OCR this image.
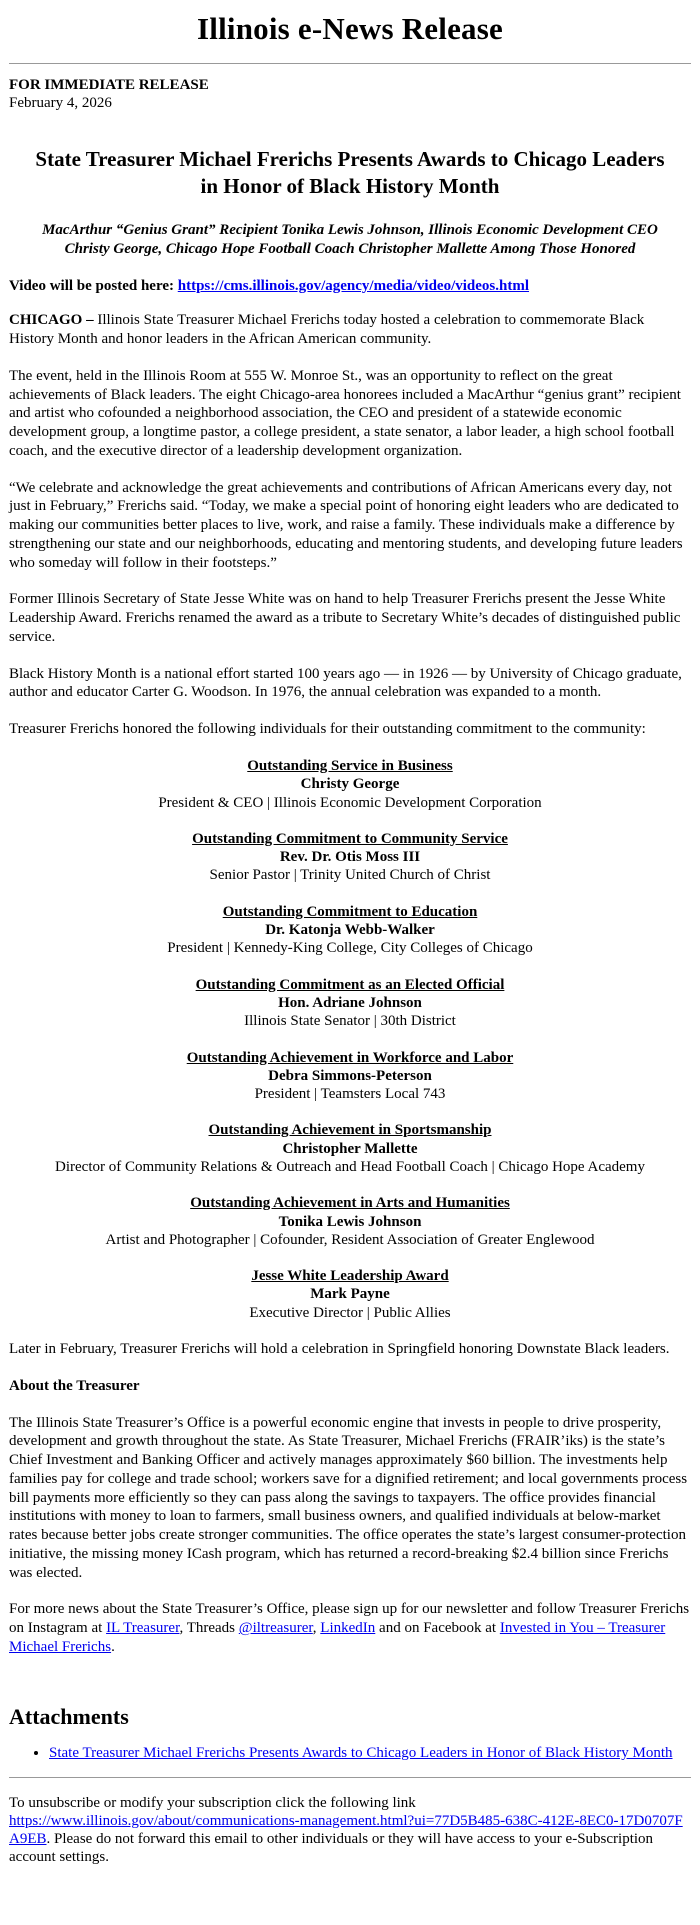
Illinois e-News Release
FOR IMMEDIATE RELEASE
February 4, 2026
State Treasurer Michael Frerichs Presents Awards to Chicago Leaders in Honor of Black History Month
MacArthur “Genius Grant” Recipient Tonika Lewis Johnson, Illinois Economic Development CEO Christy George, Chicago Hope Football Coach Christopher Mallette Among Those Honored
Video will be posted here: https://cms.illinois.gov/agency/media/video/videos.html

CHICAGO – Illinois State Treasurer Michael Frerichs today hosted a celebration to commemorate Black History Month and honor leaders in the African American community.

The event, held in the Illinois Room at 555 W. Monroe St., was an opportunity to reflect on the great achievements of Black leaders. The eight Chicago-area honorees included a MacArthur “genius grant” recipient and artist who cofounded a neighborhood association, the CEO and president of a statewide economic development group, a longtime pastor, a college president, a state senator, a labor leader, a high school football coach, and the executive director of a leadership development organization.

“We celebrate and acknowledge the great achievements and contributions of African Americans every day, not just in February,” Frerichs said. “Today, we make a special point of honoring eight leaders who are dedicated to making our communities better places to live, work, and raise a family. These individuals make a difference by strengthening our state and our neighborhoods, educating and mentoring students, and developing future leaders who someday will follow in their footsteps.”

Former Illinois Secretary of State Jesse White was on hand to help Treasurer Frerichs present the Jesse White Leadership Award. Frerichs renamed the award as a tribute to Secretary White’s decades of distinguished public service.

Black History Month is a national effort started 100 years ago — in 1926 — by University of Chicago graduate, author and educator Carter G. Woodson. In 1976, the annual celebration was expanded to a month.

Treasurer Frerichs honored the following individuals for their outstanding commitment to the community:

Outstanding Service in Business
Christy George
President & CEO | Illinois Economic Development Corporation
Outstanding Commitment to Community Service
Rev. Dr. Otis Moss III
Senior Pastor | Trinity United Church of Christ
Outstanding Commitment to Education
Dr. Katonja Webb-Walker
President | Kennedy-King College, City Colleges of Chicago
Outstanding Commitment as an Elected Official
Hon. Adriane Johnson
Illinois State Senator | 30th District
Outstanding Achievement in Workforce and Labor
Debra Simmons-Peterson
President | Teamsters Local 743
Outstanding Achievement in Sportsmanship
Christopher Mallette
Director of Community Relations & Outreach and Head Football Coach | Chicago Hope Academy
Outstanding Achievement in Arts and Humanities
Tonika Lewis Johnson
Artist and Photographer | Cofounder, Resident Association of Greater Englewood
Jesse White Leadership Award
Mark Payne
Executive Director | Public Allies

Later in February, Treasurer Frerichs will hold a celebration in Springfield honoring Downstate Black leaders.

About the Treasurer

The Illinois State Treasurer’s Office is a powerful economic engine that invests in people to drive prosperity, development and growth throughout the state. As State Treasurer, Michael Frerichs (FRAIR’iks) is the state’s Chief Investment and Banking Officer and actively manages approximately $60 billion. The investments help families pay for college and trade school; workers save for a dignified retirement; and local governments process bill payments more efficiently so they can pass along the savings to taxpayers. The office provides financial institutions with money to loan to farmers, small business owners, and qualified individuals at below-market rates because better jobs create stronger communities. The office operates the state’s largest consumer-protection initiative, the missing money ICash program, which has returned a record-breaking $2.4 billion since Frerichs was elected.

For more news about the State Treasurer’s Office, please sign up for our newsletter and follow Treasurer Frerichs on Instagram at IL Treasurer, Threads @iltreasurer, LinkedIn and on Facebook at Invested in You – Treasurer Michael Frerichs.

Attachments
• State Treasurer Michael Frerichs Presents Awards to Chicago Leaders in Honor of Black History Month
To unsubscribe or modify your subscription click the following link
https://www.illinois.gov/about/communications-management.html?ui=77D5B485-638C-412E-8EC0-17D0707FA9EB. Please do not forward this email to other individuals or they will have access to your e-Subscription account settings.
